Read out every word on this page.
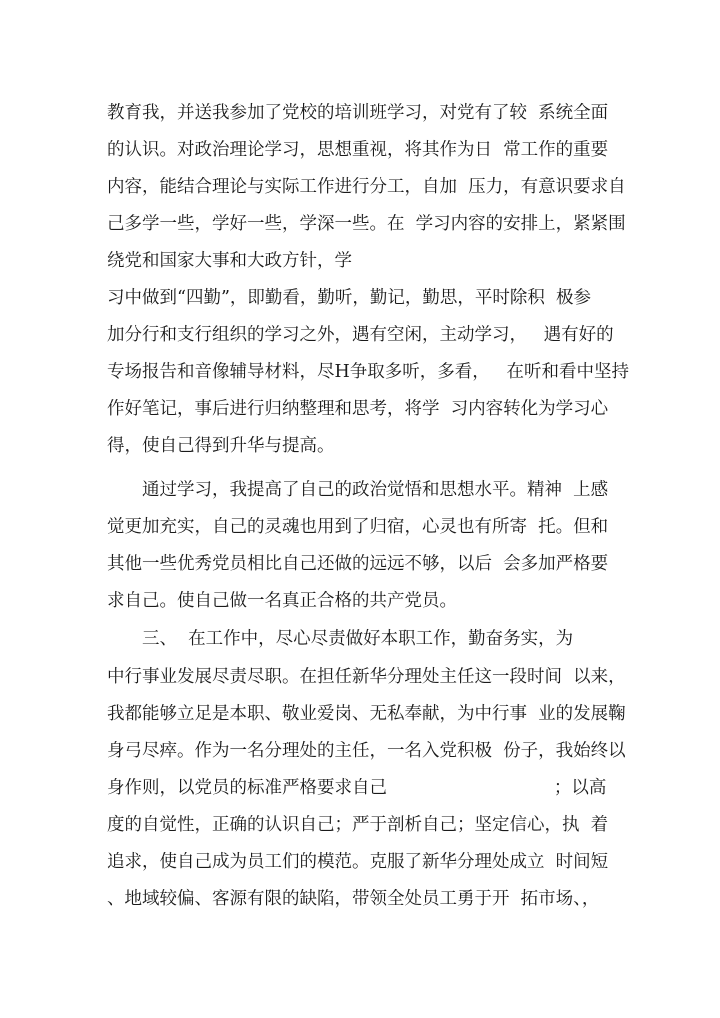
教育我，并送我参加了党校的培训班学习，对党有了较  系统全面
的认识。对政治理论学习，思想重视，将其作为日  常工作的重要
内容，能结合理论与实际工作进行分工，自加  压力，有意识要求自
己多学一些，学好一些，学深一些。在  学习内容的安排上，紧紧围
绕党和国家大事和大政方针，学
习中做到“四勤”，即勤看，勤听，勤记，勤思，平时除积  极参
加分行和支行组织的学习之外，遇有空闲，主动学习，   遇有好的
专场报告和音像辅导材料，尽H争取多听，多看，   在听和看中坚持
作好笔记，事后进行归纳整理和思考，将学  习内容转化为学习心
得，使自己得到升华与提高。
通过学习，我提高了自己的政治觉悟和思想水平。精神  上感
觉更加充实，自己的灵魂也用到了归宿，心灵也有所寄  托。但和
其他一些优秀党员相比自己还做的远远不够，以后  会多加严格要
求自己。使自己做一名真正合格的共产党员。
三、  在工作中，尽心尽责做好本职工作，勤奋务实，为
中行事业发展尽责尽职。在担任新华分理处主任这一段时间  以来，
我都能够立足是本职、敬业爱岗、无私奉献，为中行事  业的发展鞠
身弓尽瘁。作为一名分理处的主任，一名入党积极  份子，我始终以
身作则，以党员的标准严格要求自己                              ；以高
度的自觉性，正确的认识自己；严于剖析自己；坚定信心，执  着
追求，使自己成为员工们的模范。克服了新华分理处成立  时间短
、地域较偏、客源有限的缺陷，带领全处员工勇于开  拓市场、，
